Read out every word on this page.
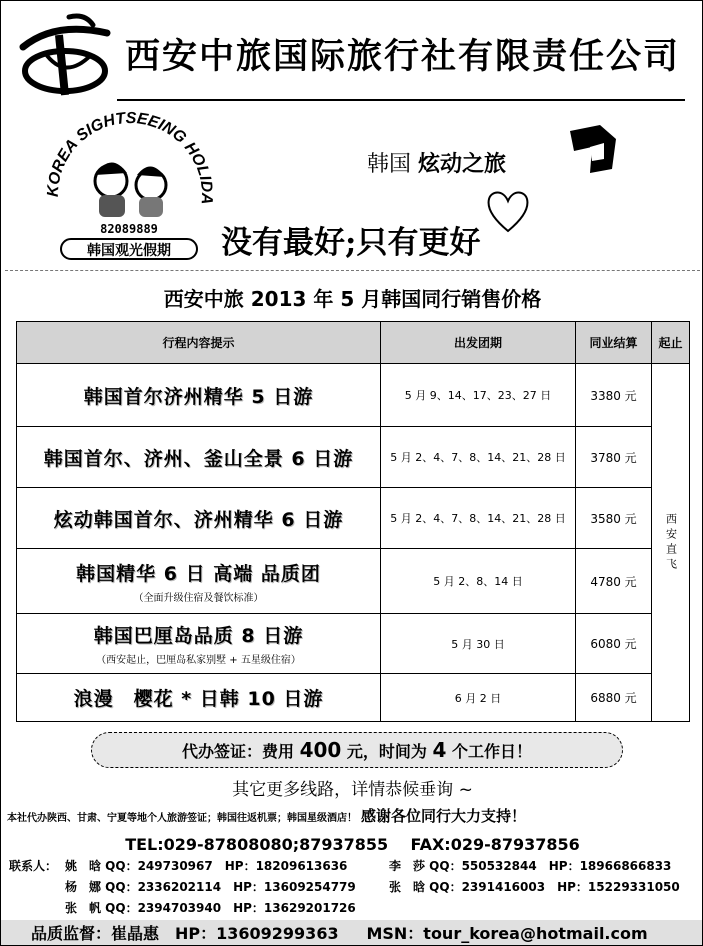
西安中旅国际旅行社有限责任公司
KOREA SIGHTSEEING HOLI
82089889
韩国观光假期
韩国 炫动之旅
没有最好;只有更好
西安中旅 2013 年 5 月韩国同行销售价格
行程内容提示	出发团期	同业结算	起止

韩国首尔济州精华 5 日游	5 月 9、14、17、23、27 日	3380 元	西安直飞

韩国首尔、济州、釜山全景 6 日游	5 月 2、4、7、8、14、21、28 日	3780 元	

炫动韩国首尔、济州精华 6 日游	5 月 2、4、7、8、14、21、28 日	3580 元	

韩国精华 6 日 高端 品质团
（全面升级住宿及餐饮标准）	5 月 2、8、14 日	4780 元	

韩国巴厘岛品质 8 日游
（西安起止，巴厘岛私家别墅 + 五星级住宿）	5 月 30 日	6080 元	

浪漫　樱花 * 日韩 10 日游	6 月 2 日	6880 元	
代办签证：费用 400 元，时间为 4 个工作日！
其它更多线路，详情恭候垂询 ~
本社代办陕西、甘肃、宁夏等地个人旅游签证；韩国往返机票；韩国星级酒店！ 感谢各位同行大力支持！
TEL:029-87808080;87937855 FAX:029-87937856
联系人： 姚　晗 QQ：249730967　HP：18209613636	李　莎 QQ：550532844　HP：18966866833
杨　娜 QQ：2336202114　HP：13609254779	张　晗 QQ：2391416003　HP：15229331050
张　帆 QQ：2394703940　HP：13629201726
品质监督：崔晶惠　HP：13609299363 MSN：tour_korea@hotmail.com
